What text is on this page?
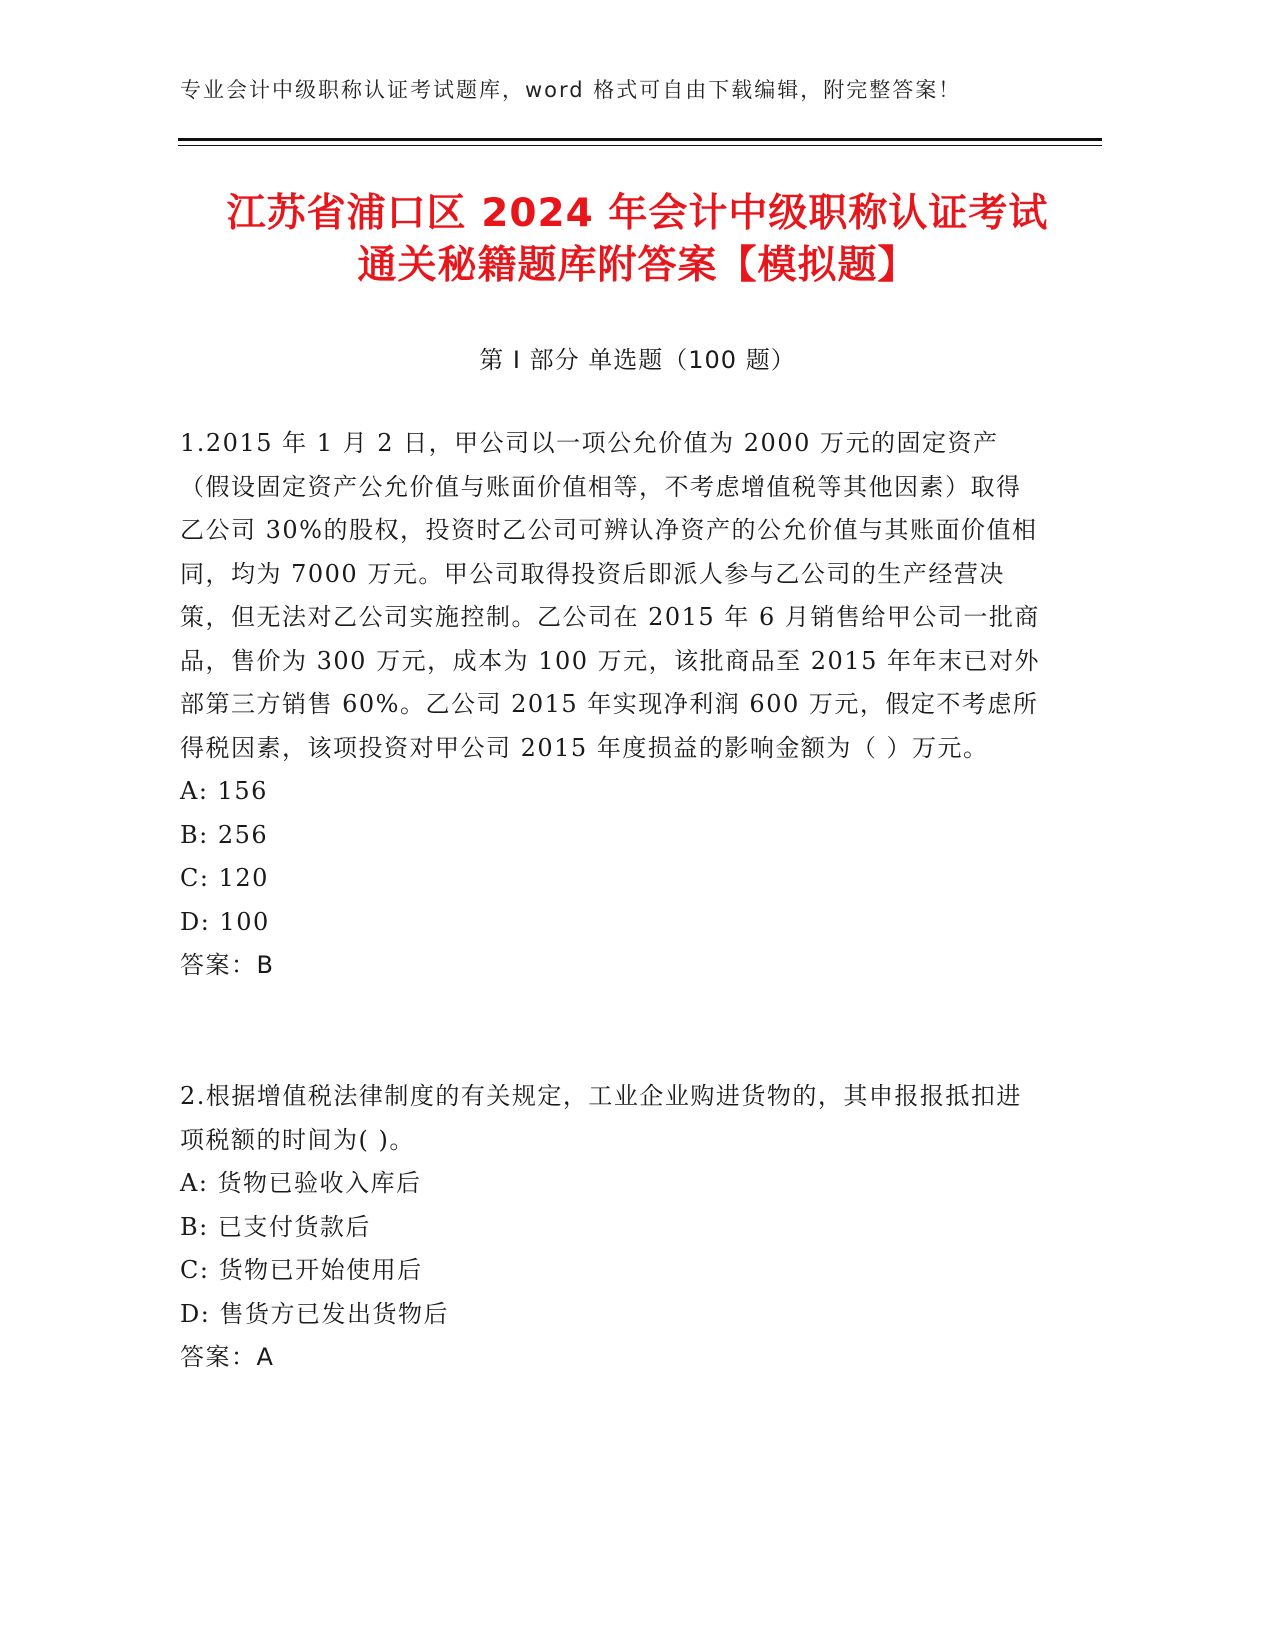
专业会计中级职称认证考试题库，word 格式可自由下载编辑，附完整答案！
江苏省浦口区 2024 年会计中级职称认证考试
通关秘籍题库附答案【模拟题】
第 I 部分 单选题（100 题）
1.2015 年 1 月 2 日，甲公司以一项公允价值为 2000 万元的固定资产（假设固定资产公允价值与账面价值相等，不考虑增值税等其他因素）取得乙公司 30%的股权，投资时乙公司可辨认净资产的公允价值与其账面价值相同，均为 7000 万元。甲公司取得投资后即派人参与乙公司的生产经营决策，但无法对乙公司实施控制。乙公司在 2015 年 6 月销售给甲公司一批商品，售价为 300 万元，成本为 100 万元，该批商品至 2015 年年末已对外部第三方销售 60%。乙公司 2015 年实现净利润 600 万元，假定不考虑所得税因素，该项投资对甲公司 2015 年度损益的影响金额为（ ）万元。
A: 156
B: 256
C: 120
D: 100
答案：B
2.根据增值税法律制度的有关规定，工业企业购进货物的，其申报报抵扣进项税额的时间为( )。
A: 货物已验收入库后
B: 已支付货款后
C: 货物已开始使用后
D: 售货方已发出货物后
答案：A
